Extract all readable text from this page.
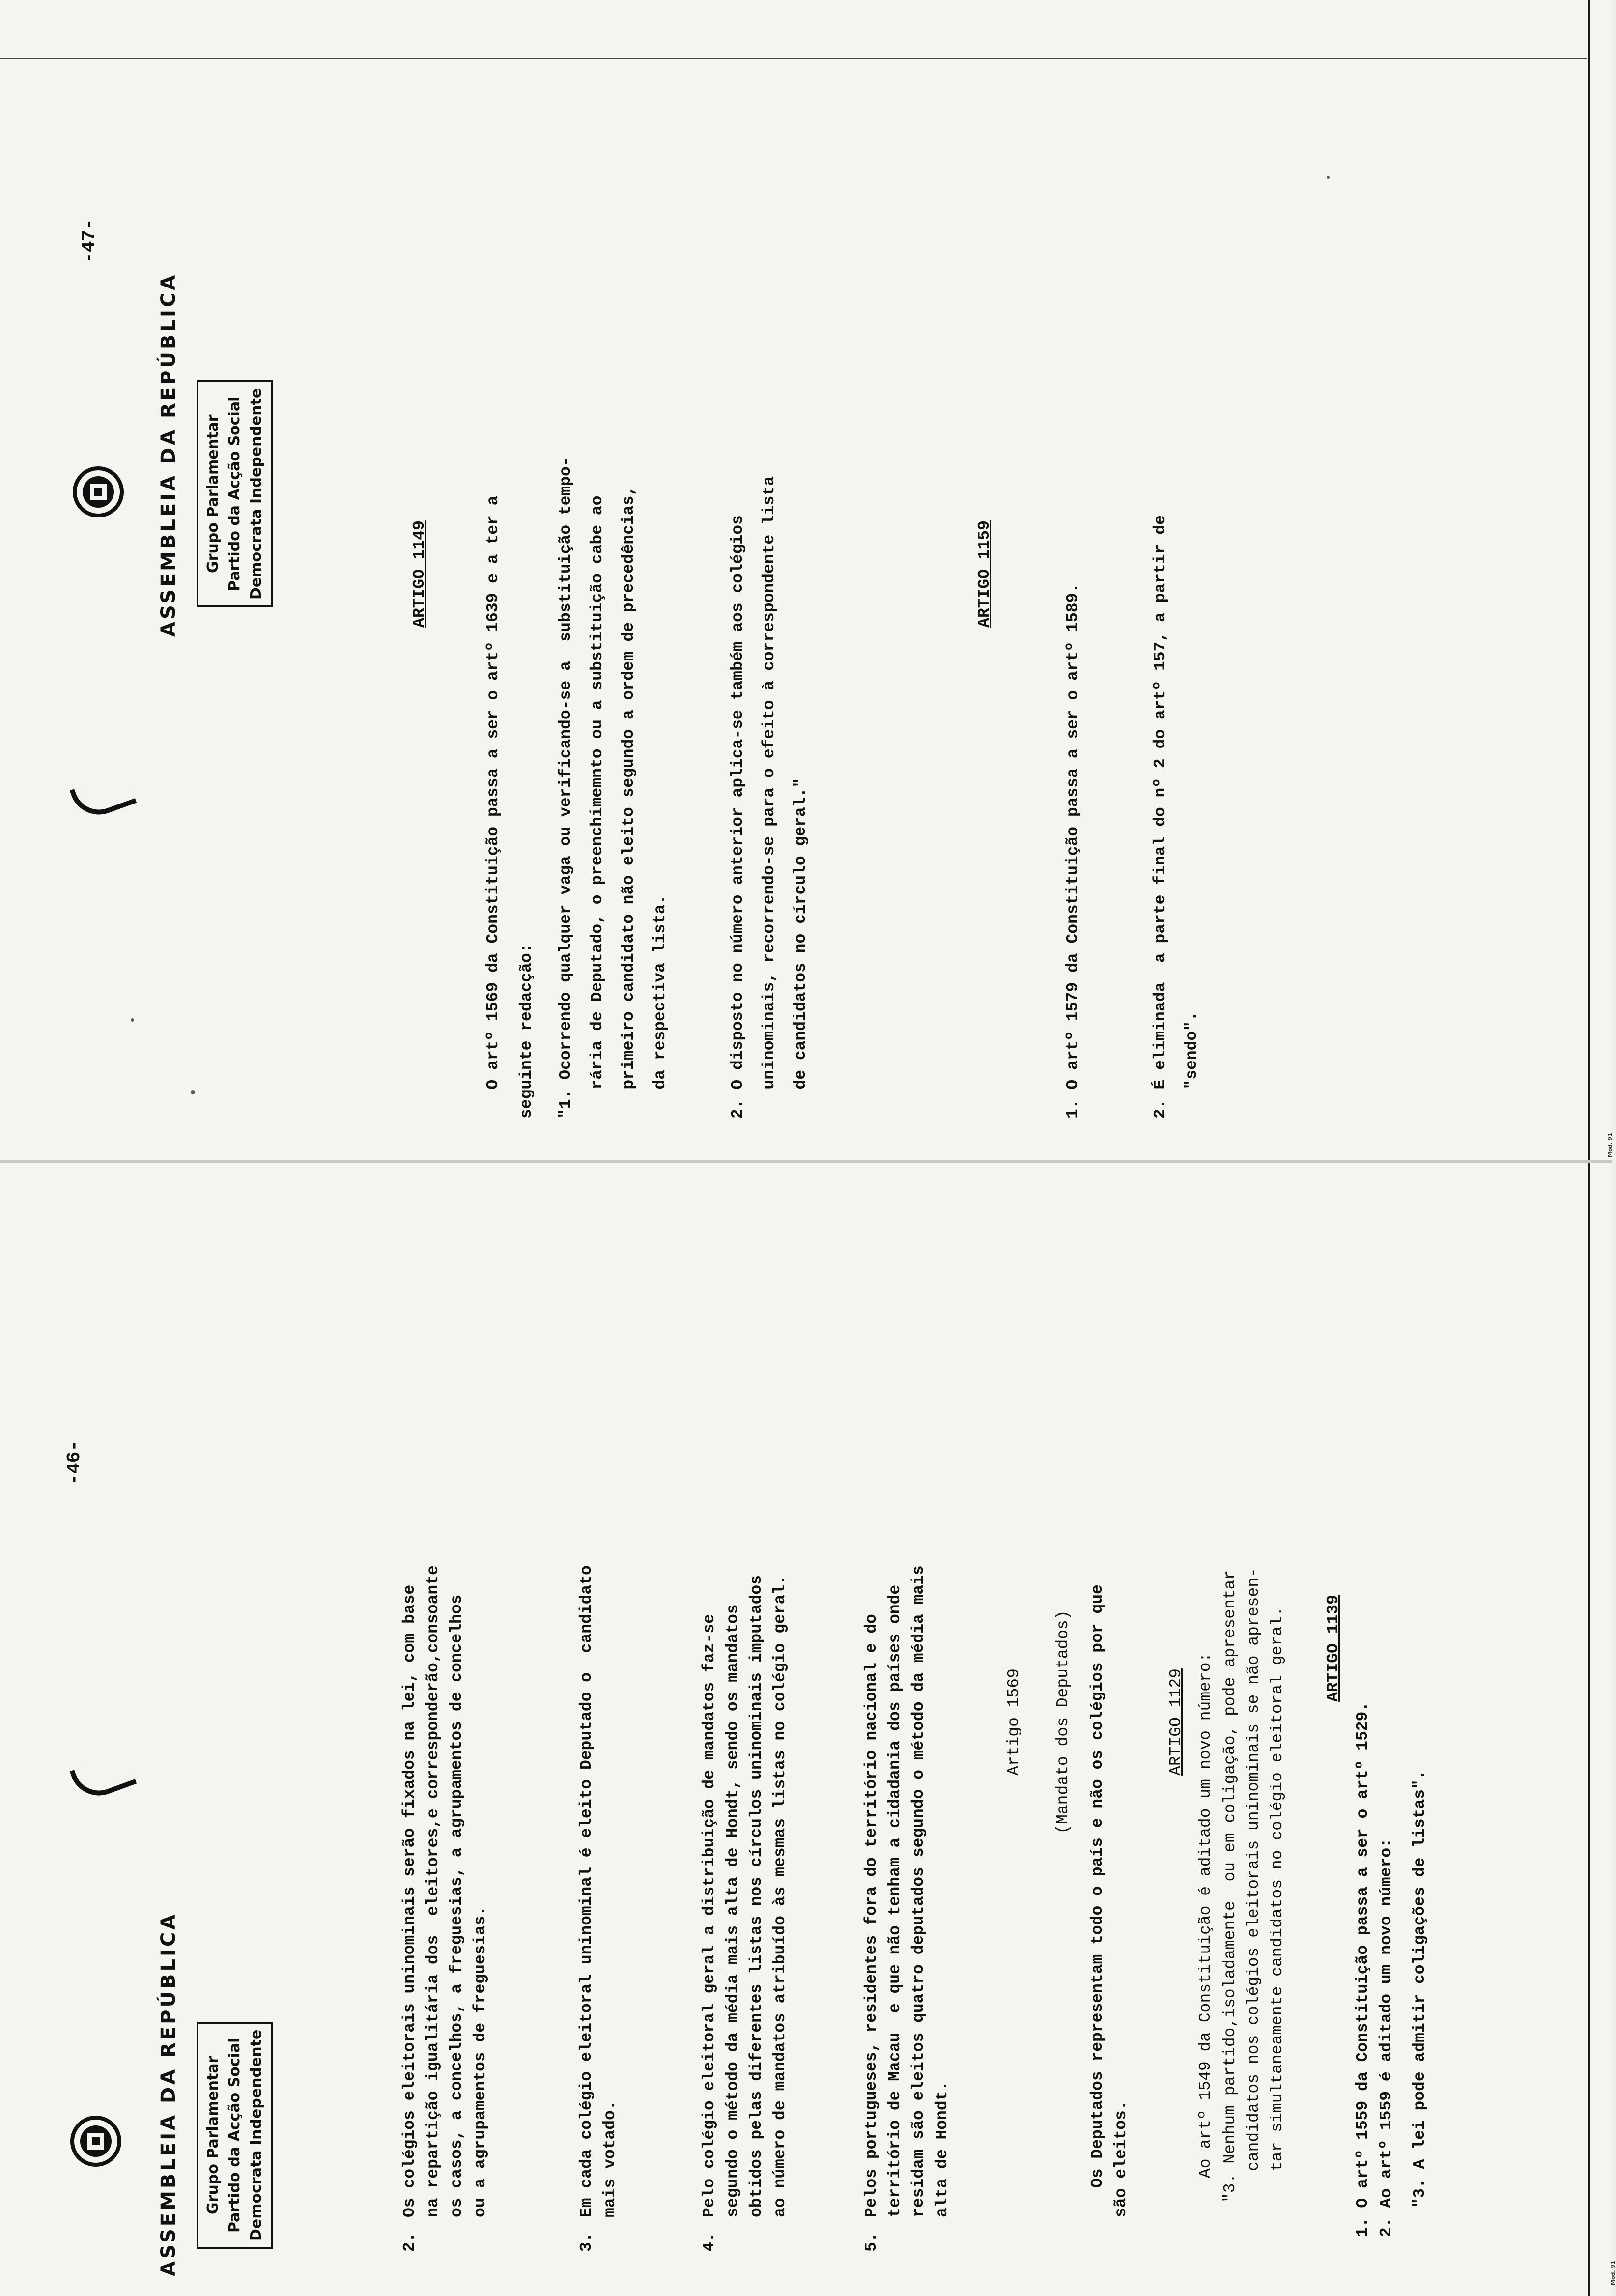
Mod. 91
Mod. 91
-46-
ASSEMBLEIA DA REPÚBLICA Grupo Parlamentar Partido da Acção Social Democrata Independente
2.
Os colégios eleitorais uninominais serão fixados na lei, com base na repartição igualitária dos  eleitores,e corresponderão,consoante os casos, a concelhos, a freguesias, a agrupamentos de concelhos ou a agrupamentos de freguesias.
3.
Em cada colégio eleitoral uninominal é eleito Deputado o  candidato mais votado.
4.
Pelo colégio eleitoral geral a distribuição de mandatos faz-se segundo o método da média mais alta de Hondt, sendo os mandatos obtidos pelas diferentes listas nos círculos uninominais imputados ao número de mandatos atribuído às mesmas listas no colégio geral.
5.
Pelos portugueses, residentes fora do território nacional e do território de Macau  e que não tenham a cidadania dos países onde residam são eleitos quatro deputados segundo o método da média mais alta de Hondt.
Artigo 1569 (Mandato dos Deputados) Os Deputados representam todo o país e não os colégios por que são eleitos.
ARTIGO 1129 Ao artº 1549 da Constituição é aditado um novo número: "3. Nenhum partido,isoladamente  ou em coligação, pode apresentar candidatos nos colégios eleitorais uninominais se não apresen- tar simultaneamente candidatos no colégio eleitoral geral. ARTIGO 1139
1. O artº 1559 da Constituição passa a ser o artº 1529. 2. Ao artº 1559 é aditado um novo número: "3. A lei pode admitir coligações de listas".
-47-
ASSEMBLEIA DA REPÚBLICA Grupo Parlamentar Partido da Acção Social Democrata Independente	ARTIGO 1149	O artº 1569 da Constituição passa a ser o artº 1639 e a ter a seguinte redacção:	"1. Ocorrendo qualquer vaga ou verificando-se a  substituição tempo- rária de Deputado, o preenchimemnto ou a substituição cabe ao primeiro candidato não eleito segundo a ordem de precedências, da respectiva lista.	2. O disposto no número anterior aplica-se também aos colégios uninominais, recorrendo-se para o efeito à correspondente lista de candidatos no círculo geral."
ARTIGO 1159
1. O artº 1579 da Constituição passa a ser o artº 1589.	2. É eliminada  a parte final do nº 2 do artº 157, a partir de "sendo".
